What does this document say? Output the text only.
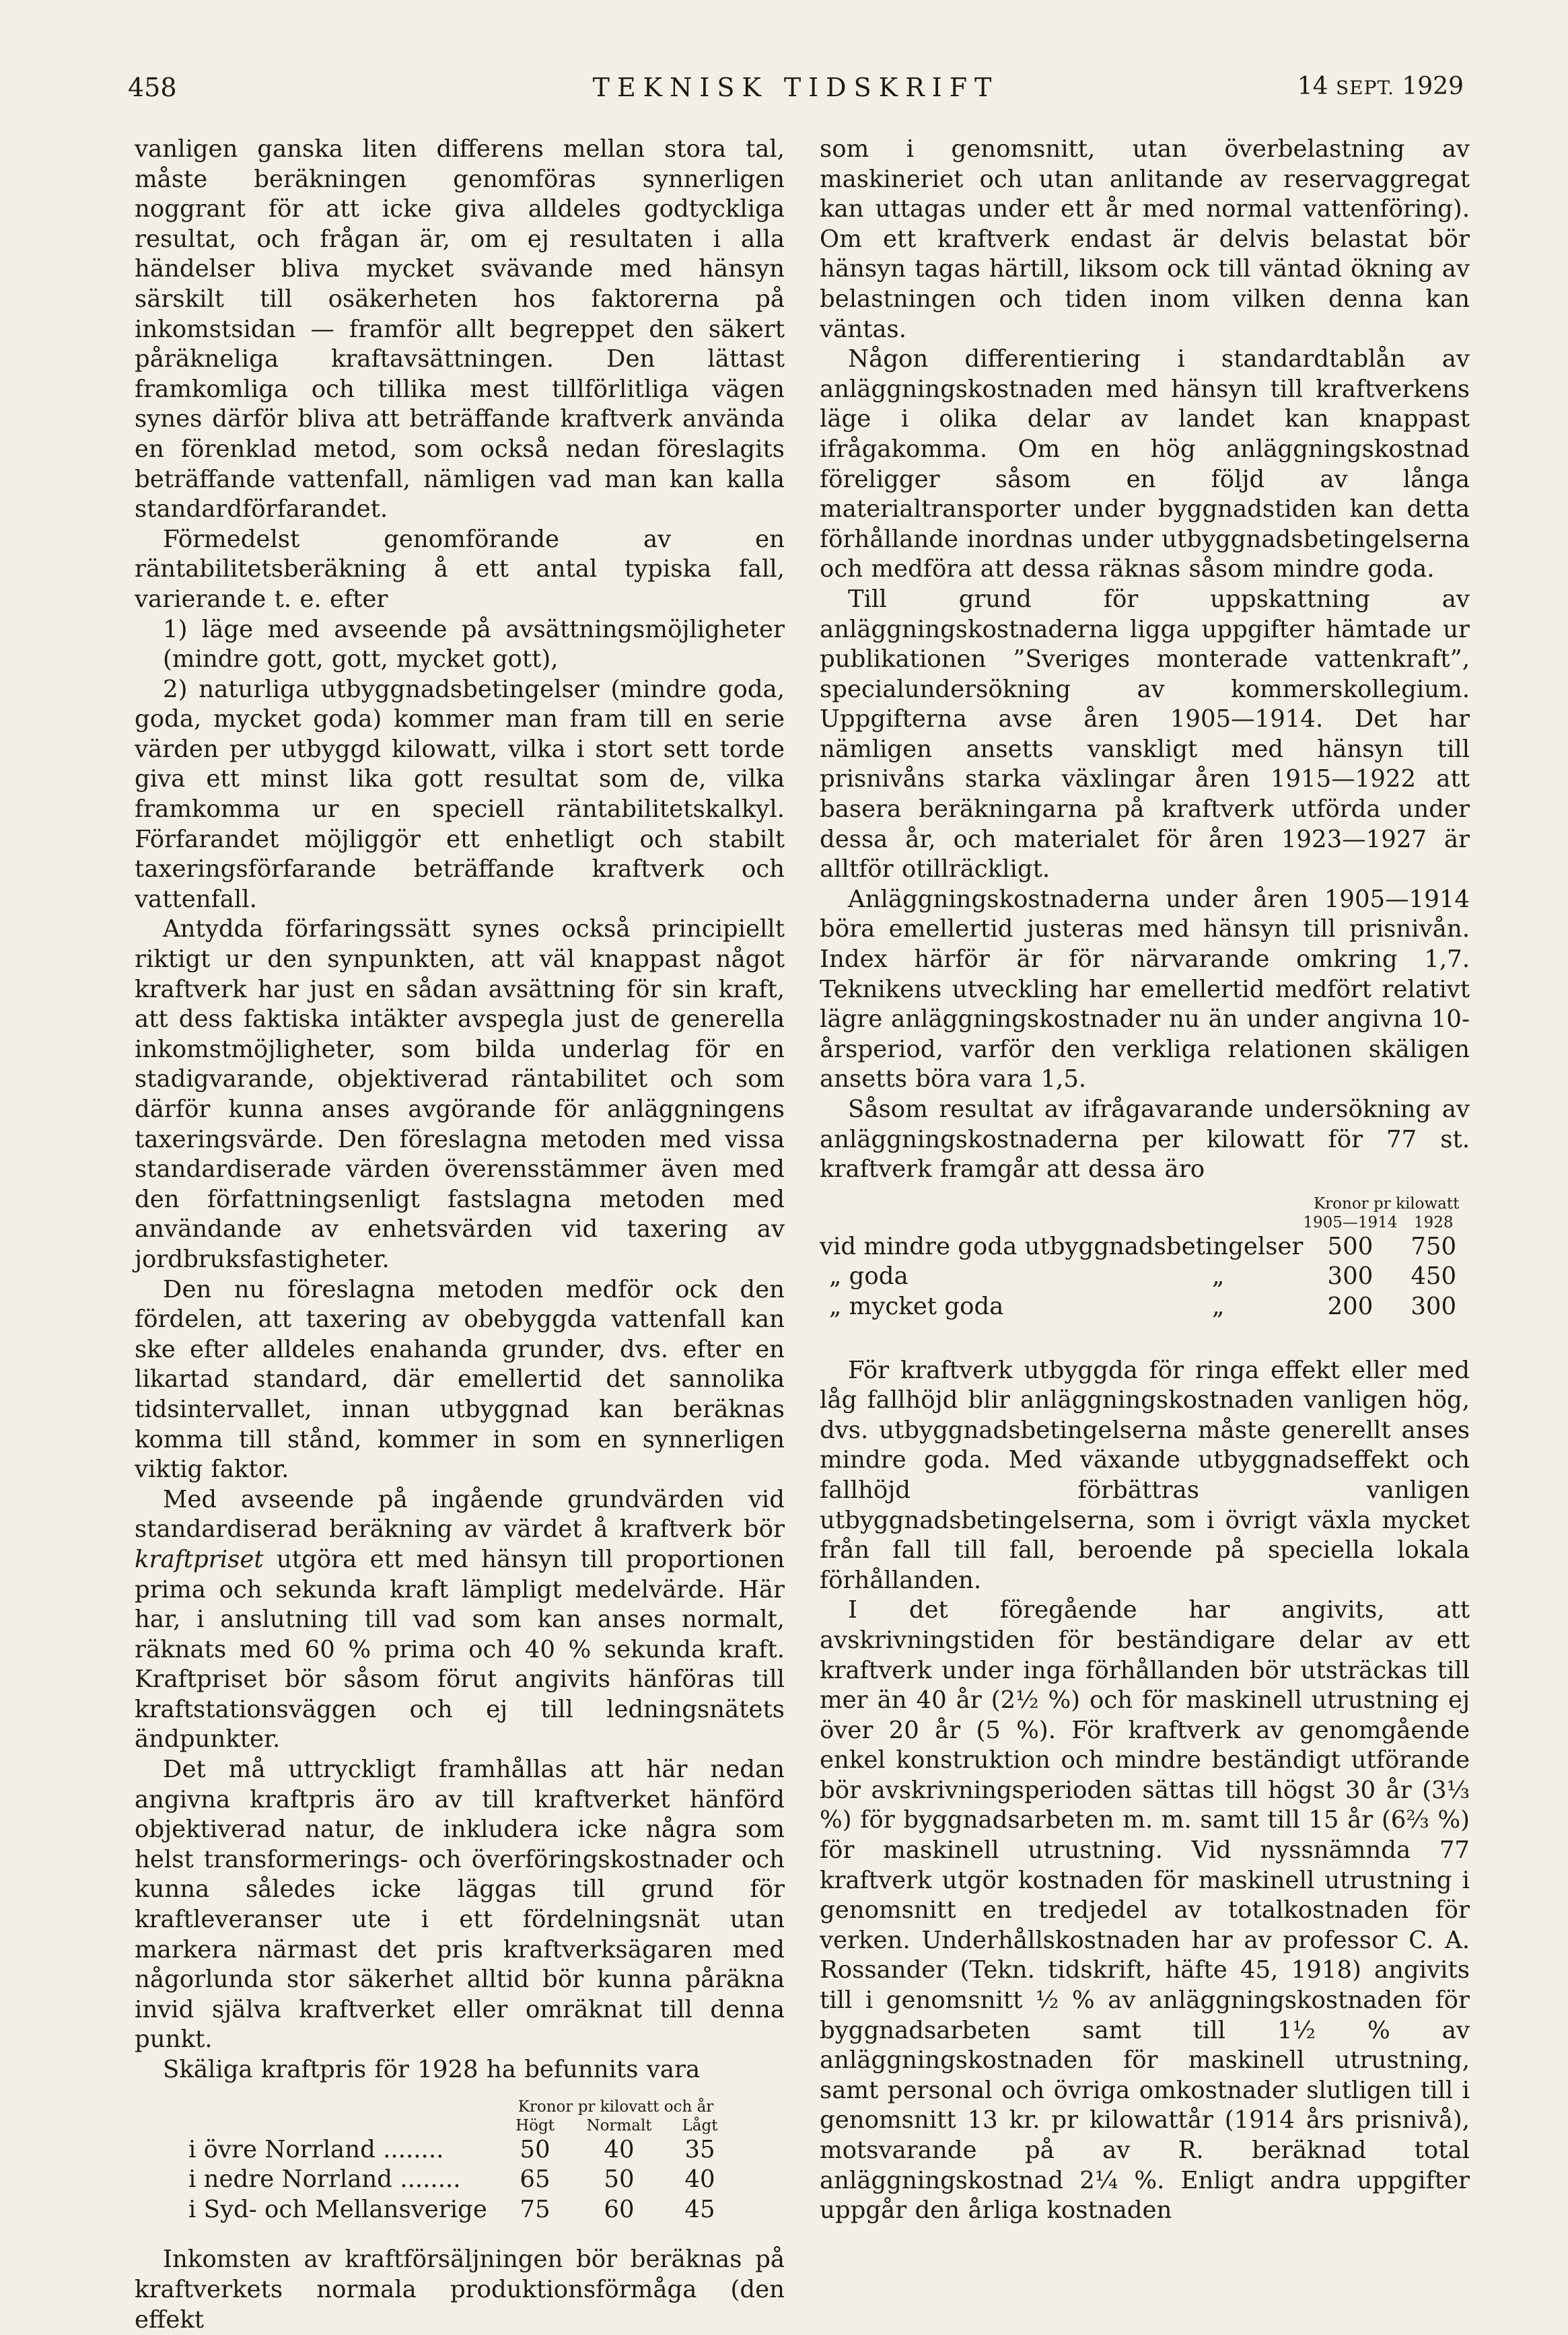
458	TEKNISK TIDSKRIFT	14 SEPT. 1929

vanligen ganska liten differens mellan stora tal, måste beräkningen genomföras synnerligen noggrant för att icke giva alldeles godtyckliga resultat, och frågan är, om ej resultaten i alla händelser bliva mycket svävande med hänsyn särskilt till osäkerheten hos faktorerna på inkomstsidan — framför allt begreppet den säkert påräkneliga kraftavsättningen. Den lättast framkomliga och tillika mest tillförlitliga vägen synes därför bliva att beträffande kraftverk använda en förenklad metod, som också nedan föreslagits beträffande vattenfall, nämligen vad man kan kalla standardförfarandet.

Förmedelst genomförande av en räntabilitetsberäkning å ett antal typiska fall, varierande t. e. efter

1) läge med avseende på avsättningsmöjligheter (mindre gott, gott, mycket gott),

2) naturliga utbyggnadsbetingelser (mindre goda, goda, mycket goda) kommer man fram till en serie värden per utbyggd kilowatt, vilka i stort sett torde giva ett minst lika gott resultat som de, vilka framkomma ur en speciell räntabilitetskalkyl. Förfarandet möjliggör ett enhetligt och stabilt taxeringsförfarande beträffande kraftverk och vattenfall.

Antydda förfaringssätt synes också principiellt riktigt ur den synpunkten, att väl knappast något kraftverk har just en sådan avsättning för sin kraft, att dess faktiska intäkter avspegla just de generella inkomstmöjligheter, som bilda underlag för en stadigvarande, objektiverad räntabilitet och som därför kunna anses avgörande för anläggningens taxeringsvärde. Den föreslagna metoden med vissa standardiserade värden överensstämmer även med den författningsenligt fastslagna metoden med användande av enhetsvärden vid taxering av jordbruksfastigheter.

Den nu föreslagna metoden medför ock den fördelen, att taxering av obebyggda vattenfall kan ske efter alldeles enahanda grunder, dvs. efter en likartad standard, där emellertid det sannolika tidsintervallet, innan utbyggnad kan beräknas komma till stånd, kommer in som en synnerligen viktig faktor.

Med avseende på ingående grundvärden vid standardiserad beräkning av värdet å kraftverk bör kraftpriset utgöra ett med hänsyn till proportionen prima och sekunda kraft lämpligt medelvärde. Här har, i anslutning till vad som kan anses normalt, räknats med 60 % prima och 40 % sekunda kraft. Kraftpriset bör såsom förut angivits hänföras till kraftstationsväggen och ej till ledningsnätets ändpunkter.

Det må uttryckligt framhållas att här nedan angivna kraftpris äro av till kraftverket hänförd objektiverad natur, de inkludera icke några som helst transformerings- och överföringskostnader och kunna således icke läggas till grund för kraftleveranser ute i ett fördelningsnät utan markera närmast det pris kraftverksägaren med någorlunda stor säkerhet alltid bör kunna påräkna invid själva kraftverket eller omräknat till denna punkt.

Skäliga kraftpris för 1928 ha befunnits vara

	Kronor pr kilovatt och år			
	Högt	Normalt	Lågt	
i övre Norrland ........	50	40	35	
i nedre Norrland ........	65	50	40	
i Syd- och Mellansverige	75	60	45	

Inkomsten av kraftförsäljningen bör beräknas på kraftverkets normala produktionsförmåga (den effekt

som i genomsnitt, utan överbelastning av maskineriet och utan anlitande av reservaggregat kan uttagas under ett år med normal vattenföring). Om ett kraftverk endast är delvis belastat bör hänsyn tagas härtill, liksom ock till väntad ökning av belastningen och tiden inom vilken denna kan väntas.

Någon differentiering i standardtablån av anläggningskostnaden med hänsyn till kraftverkens läge i olika delar av landet kan knappast ifrågakomma. Om en hög anläggningskostnad föreligger såsom en följd av långa materialtransporter under byggnadstiden kan detta förhållande inordnas under utbyggnadsbetingelserna och medföra att dessa räknas såsom mindre goda.

Till grund för uppskattning av anläggningskostnaderna ligga uppgifter hämtade ur publikationen ”Sveriges monterade vattenkraft”, specialundersökning av kommerskollegium. Uppgifterna avse åren 1905—1914. Det har nämligen ansetts vanskligt med hänsyn till prisnivåns starka växlingar åren 1915—1922 att basera beräkningarna på kraftverk utförda under dessa år, och materialet för åren 1923—1927 är alltför otillräckligt.

Anläggningskostnaderna under åren 1905—1914 böra emellertid justeras med hänsyn till prisnivån. Index härför är för närvarande omkring 1,7. Teknikens utveckling har emellertid medfört relativt lägre anläggningskostnader nu än under angivna 10-årsperiod, varför den verkliga relationen skäligen ansetts böra vara 1,5.

Såsom resultat av ifrågavarande undersökning av anläggningskostnaderna per kilowatt för 77 st. kraftverk framgår att dessa äro

		Kronor pr kilowatt	
		1905—1914	1928
vid mindre goda utbyggnadsbetingelser		500	750
„ goda	„	300	450
„ mycket goda	„	200	300

För kraftverk utbyggda för ringa effekt eller med låg fallhöjd blir anläggningskostnaden vanligen hög, dvs. utbyggnadsbetingelserna måste generellt anses mindre goda. Med växande utbyggnadseffekt och fallhöjd förbättras vanligen utbyggnadsbetingelserna, som i övrigt växla mycket från fall till fall, beroende på speciella lokala förhållanden.

I det föregående har angivits, att avskrivningstiden för beständigare delar av ett kraftverk under inga förhållanden bör utsträckas till mer än 40 år (2½ %) och för maskinell utrustning ej över 20 år (5 %). För kraftverk av genomgående enkel konstruktion och mindre beständigt utförande bör avskrivningsperioden sättas till högst 30 år (3⅓ %) för byggnadsarbeten m. m. samt till 15 år (6⅔ %) för maskinell utrustning. Vid nyssnämnda 77 kraftverk utgör kostnaden för maskinell utrustning i genomsnitt en tredjedel av totalkostnaden för verken. Underhållskostnaden har av professor C. A. Rossander (Tekn. tidskrift, häfte 45, 1918) angivits till i genomsnitt ½ % av anläggningskostnaden för byggnadsarbeten samt till 1½ % av anläggningskostnaden för maskinell utrustning, samt personal och övriga omkostnader slutligen till i genomsnitt 13 kr. pr kilowattår (1914 års prisnivå), motsvarande på av R. beräknad total anläggningskostnad 2¼ %. Enligt andra uppgifter uppgår den årliga kostnaden
